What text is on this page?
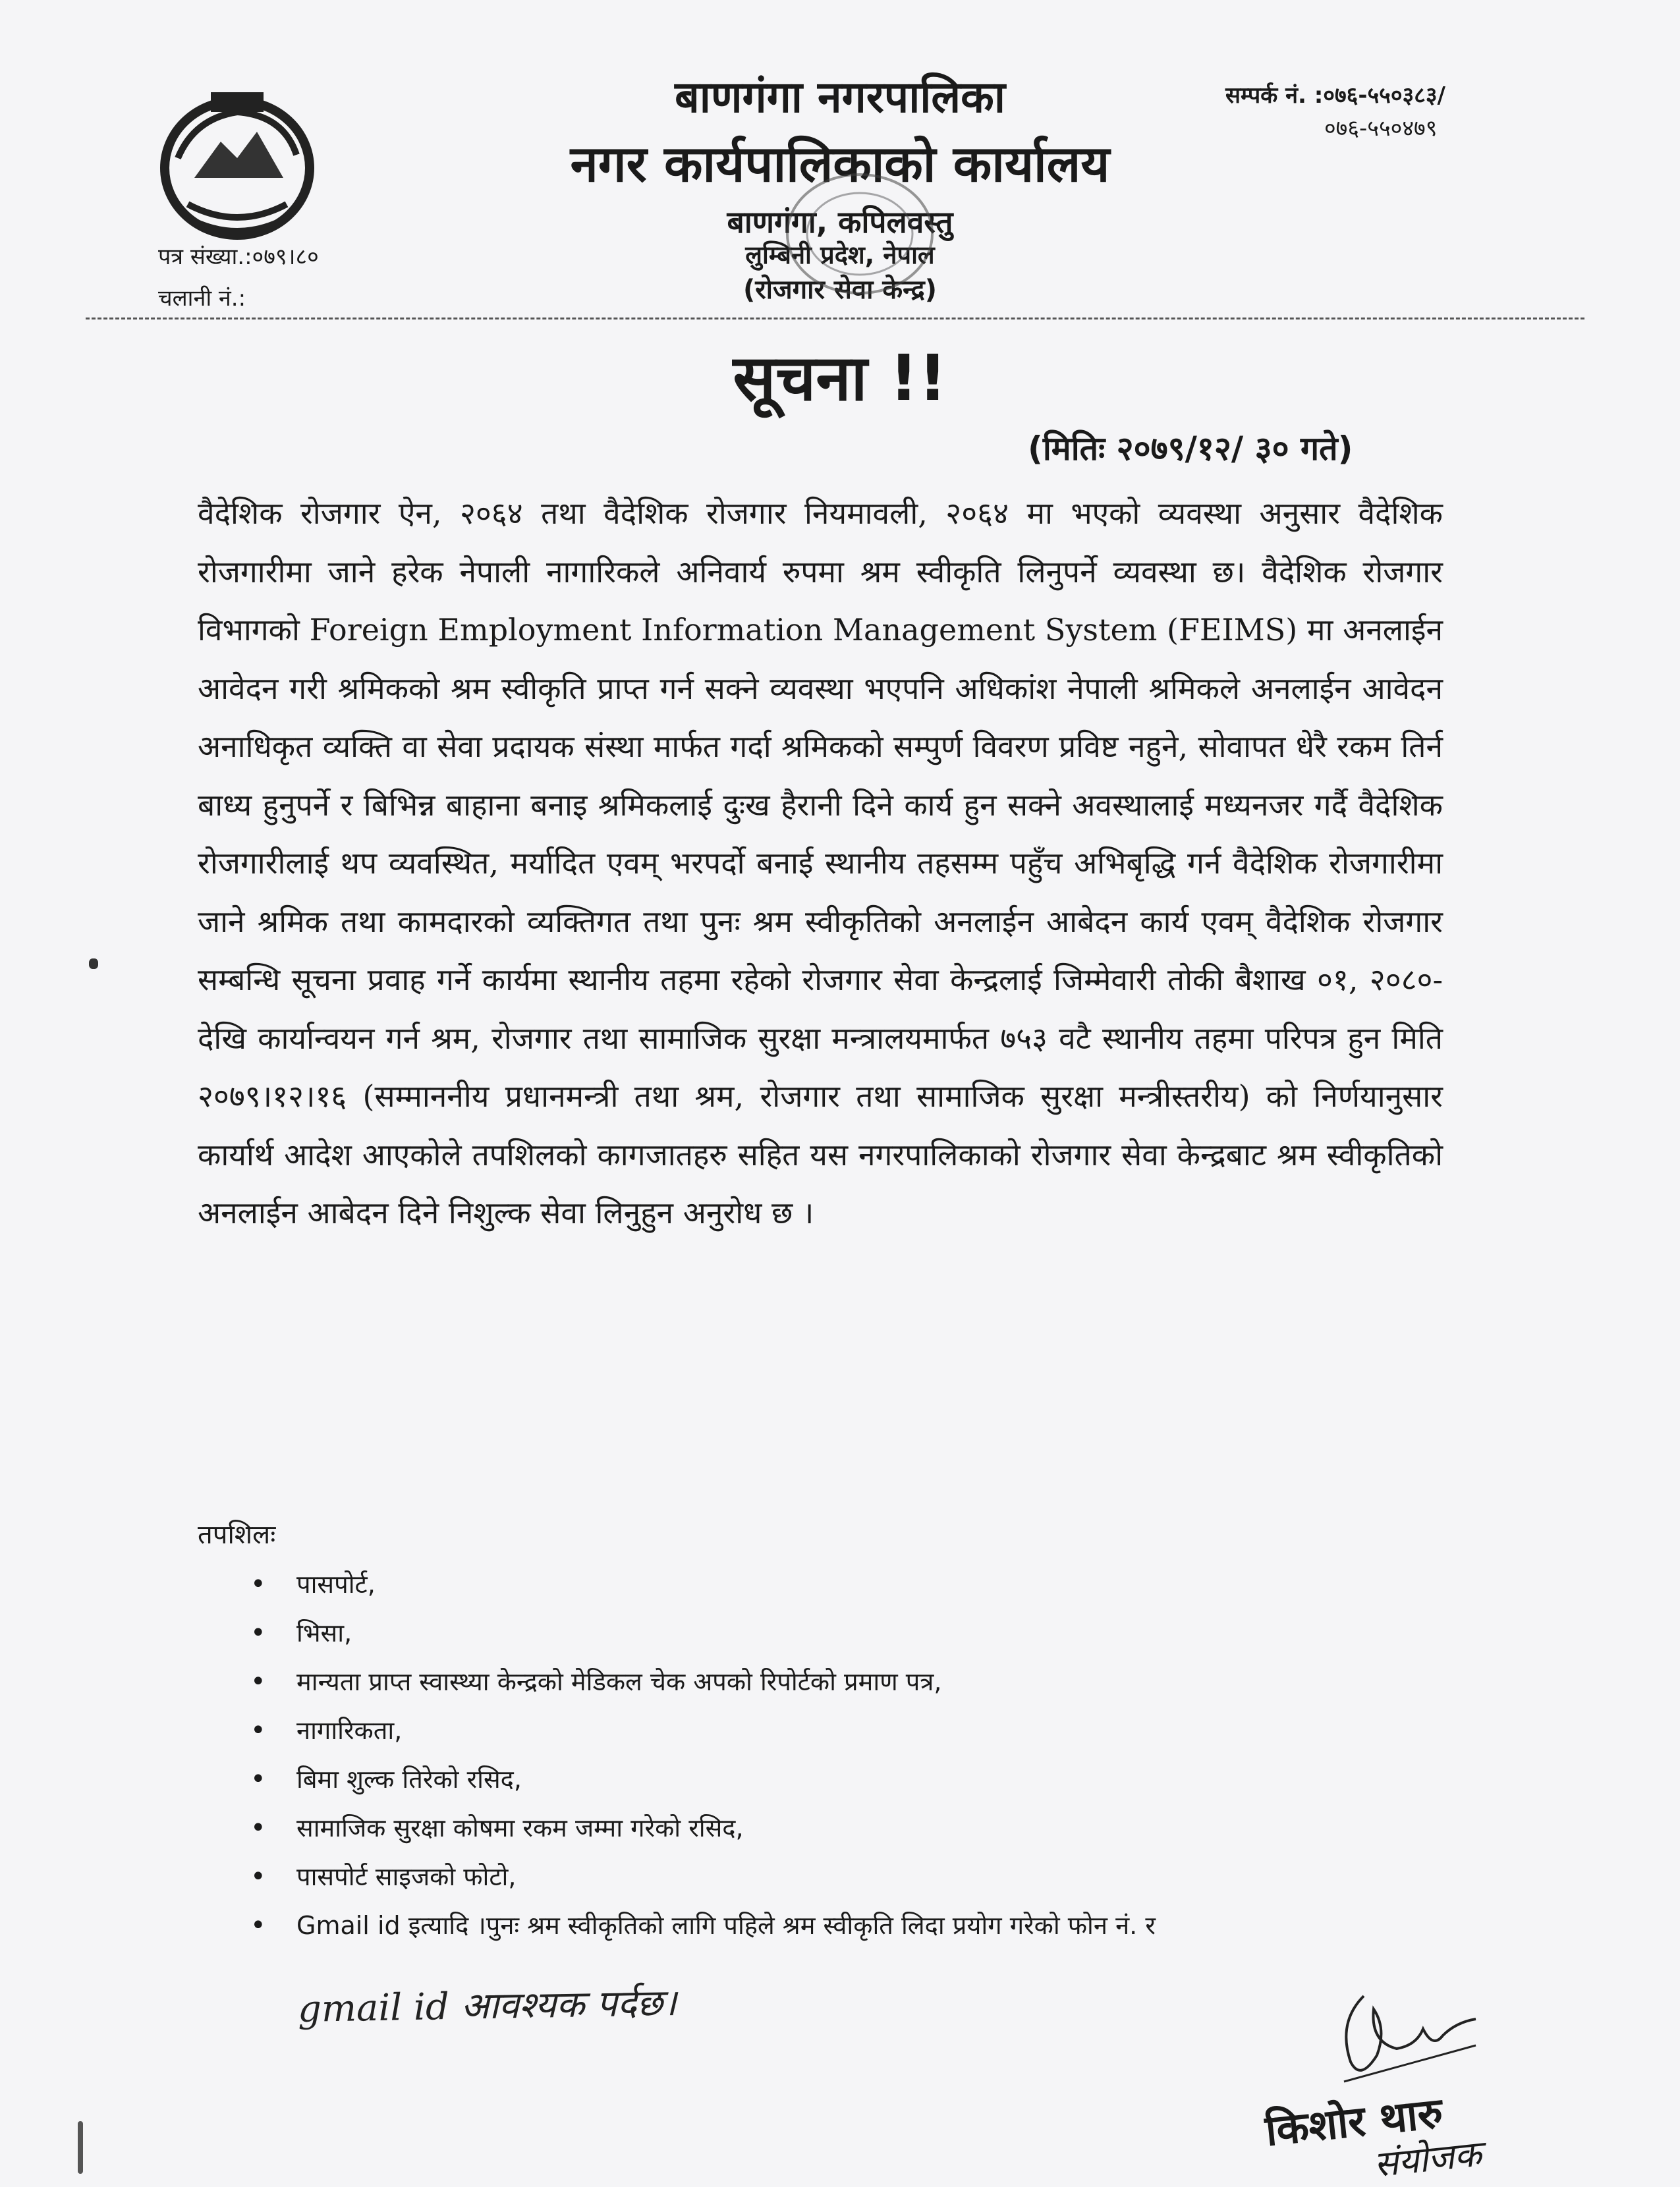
बाणगंगा नगरपालिका
नगर कार्यपालिकाको कार्यालय
बाणगंगा, कपिलवस्तु
लुम्बिनी प्रदेश, नेपाल
(रोजगार सेवा केन्द्र)
सम्पर्क नं. :०७६-५५०३८३/
०७६-५५०४७९
पत्र संख्या.:०७९।८०
चलानी नं.:
सूचना !!
(मितिः २०७९/१२/ ३० गते)
वैदेशिक रोजगार ऐन, २०६४ तथा वैदेशिक रोजगार नियमावली, २०६४ मा भएको व्यवस्था अनुसार वैदेशिक रोजगारीमा जाने हरेक नेपाली नागारिकले अनिवार्य रुपमा श्रम स्वीकृति लिनुपर्ने व्यवस्था छ। वैदेशिक रोजगार विभागको Foreign Employment Information Management System (FEIMS) मा अनलाईन आवेदन गरी श्रमिकको श्रम स्वीकृति प्राप्त गर्न सक्ने व्यवस्था भएपनि अधिकांश नेपाली श्रमिकले अनलाईन आवेदन अनाधिकृत व्यक्ति वा सेवा प्रदायक संस्था मार्फत गर्दा श्रमिकको सम्पुर्ण विवरण प्रविष्ट नहुने, सोवापत धेरै रकम तिर्न बाध्य हुनुपर्ने र बिभिन्न बाहाना बनाइ श्रमिकलाई दुःख हैरानी दिने कार्य हुन सक्ने अवस्थालाई मध्यनजर गर्दै वैदेशिक रोजगारीलाई थप व्यवस्थित, मर्यादित एवम् भरपर्दो बनाई स्थानीय तहसम्म पहुँच अभिबृद्धि गर्न वैदेशिक रोजगारीमा जाने श्रमिक तथा कामदारको व्यक्तिगत तथा पुनः श्रम स्वीकृतिको अनलाईन आबेदन कार्य एवम् वैदेशिक रोजगार सम्बन्धि सूचना प्रवाह गर्ने कार्यमा स्थानीय तहमा रहेको रोजगार सेवा केन्द्रलाई जिम्मेवारी तोकी बैशाख ०१, २०८०- देखि कार्यान्वयन गर्न श्रम, रोजगार तथा सामाजिक सुरक्षा मन्त्रालयमार्फत ७५३ वटै स्थानीय तहमा परिपत्र हुन मिति २०७९।१२।१६ (सम्माननीय प्रधानमन्त्री तथा श्रम, रोजगार तथा सामाजिक सुरक्षा मन्त्रीस्तरीय) को निर्णयानुसार कार्यार्थ आदेश आएकोले तपशिलको कागजातहरु सहित यस नगरपालिकाको रोजगार सेवा केन्द्रबाट श्रम स्वीकृतिको अनलाईन आबेदन दिने निशुल्क सेवा लिनुहुन अनुरोध छ ।
तपशिलः
• पासपोर्ट,
• भिसा,
• मान्यता प्राप्त स्वास्थ्या केन्द्रको मेडिकल चेक अपको रिपोर्टको प्रमाण पत्र,
• नागारिकता,
• बिमा शुल्क तिरेको रसिद,
• सामाजिक सुरक्षा कोषमा रकम जम्मा गरेको रसिद,
• पासपोर्ट साइजको फोटो,
• Gmail id इत्यादि ।पुनः श्रम स्वीकृतिको लागि पहिले श्रम स्वीकृति लिदा प्रयोग गरेको फोन नं. र
gmail id आवश्यक पर्दछ।
किशोर थारु
संयोजक
